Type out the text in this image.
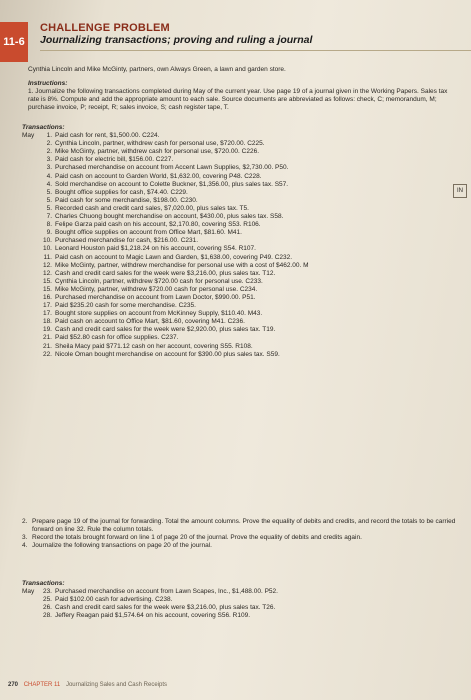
11-6
CHALLENGE PROBLEM
Journalizing transactions; proving and ruling a journal
Cynthia Lincoln and Mike McGinty, partners, own Always Green, a lawn and garden store.
Instructions:
1. Journalize the following transactions completed during May of the current year. Use page 19 of a journal given in the Working Papers. Sales tax rate is 8%. Compute and add the appropriate amount to each sale. Source documents are abbreviated as follows: check, C; memorandum, M; purchase invoice, P; receipt, R; sales invoice, S; cash register tape, T.
Transactions:
May	1. Paid cash for rent, $1,500.00. C224.
2. Cynthia Lincoln, partner, withdrew cash for personal use, $720.00. C225.
2. Mike McGinty, partner, withdrew cash for personal use, $720.00. C226.
3. Paid cash for electric bill, $156.00. C227.
3. Purchased merchandise on account from Accent Lawn Supplies, $2,730.00. P50.
4. Paid cash on account to Garden World, $1,632.00, covering P48. C228.
4. Sold merchandise on account to Colette Buckner, $1,356.00, plus sales tax. S57.
5. Bought office supplies for cash, $74.40. C229.
5. Paid cash for some merchandise, $198.00. C230.
5. Recorded cash and credit card sales, $7,020.00, plus sales tax. T5.
7. Charles Chuong bought merchandise on account, $430.00, plus sales tax. S58.
8. Felipe Garza paid cash on his account, $2,170.80, covering S53. R106.
9. Bought office supplies on account from Office Mart, $81.60. M41.
10. Purchased merchandise for cash, $216.00. C231.
10. Leonard Houston paid $1,218.24 on his account, covering S54. R107.
11. Paid cash on account to Magic Lawn and Garden, $1,638.00, covering P49. C232.
12. Mike McGinty, partner, withdrew merchandise for personal use with a cost of $462.00. M
12. Cash and credit card sales for the week were $3,216.00, plus sales tax. T12.
15. Cynthia Lincoln, partner, withdrew $720.00 cash for personal use. C233.
15. Mike McGinty, partner, withdrew $720.00 cash for personal use. C234.
16. Purchased merchandise on account from Lawn Doctor, $990.00. P51.
17. Paid $235.20 cash for some merchandise. C235.
17. Bought store supplies on account from McKinney Supply, $110.40. M43.
18. Paid cash on account to Office Mart, $81.60, covering M41. C236.
19. Cash and credit card sales for the week were $2,920.00, plus sales tax. T19.
21. Paid $52.80 cash for office supplies. C237.
21. Sheila Macy paid $771.12 cash on her account, covering S55. R108.
22. Nicole Oman bought merchandise on account for $390.00 plus sales tax. S59.
2. Prepare page 19 of the journal for forwarding. Total the amount columns. Prove the equality of debits and credits, and record the totals to be carried forward on line 32. Rule the column totals.
3. Record the totals brought forward on line 1 of page 20 of the journal. Prove the equality of debits and credits again.
4. Journalize the following transactions on page 20 of the journal.
Transactions:
May	23. Purchased merchandise on account from Lawn Scapes, Inc., $1,488.00. P52.
25. Paid $102.00 cash for advertising. C238.
26. Cash and credit card sales for the week were $3,216.00, plus sales tax. T26.
28. Jeffery Reagan paid $1,574.64 on his account, covering S56. R109.
IN
270 CHAPTER 11 Journalizing Sales and Cash Receipts
